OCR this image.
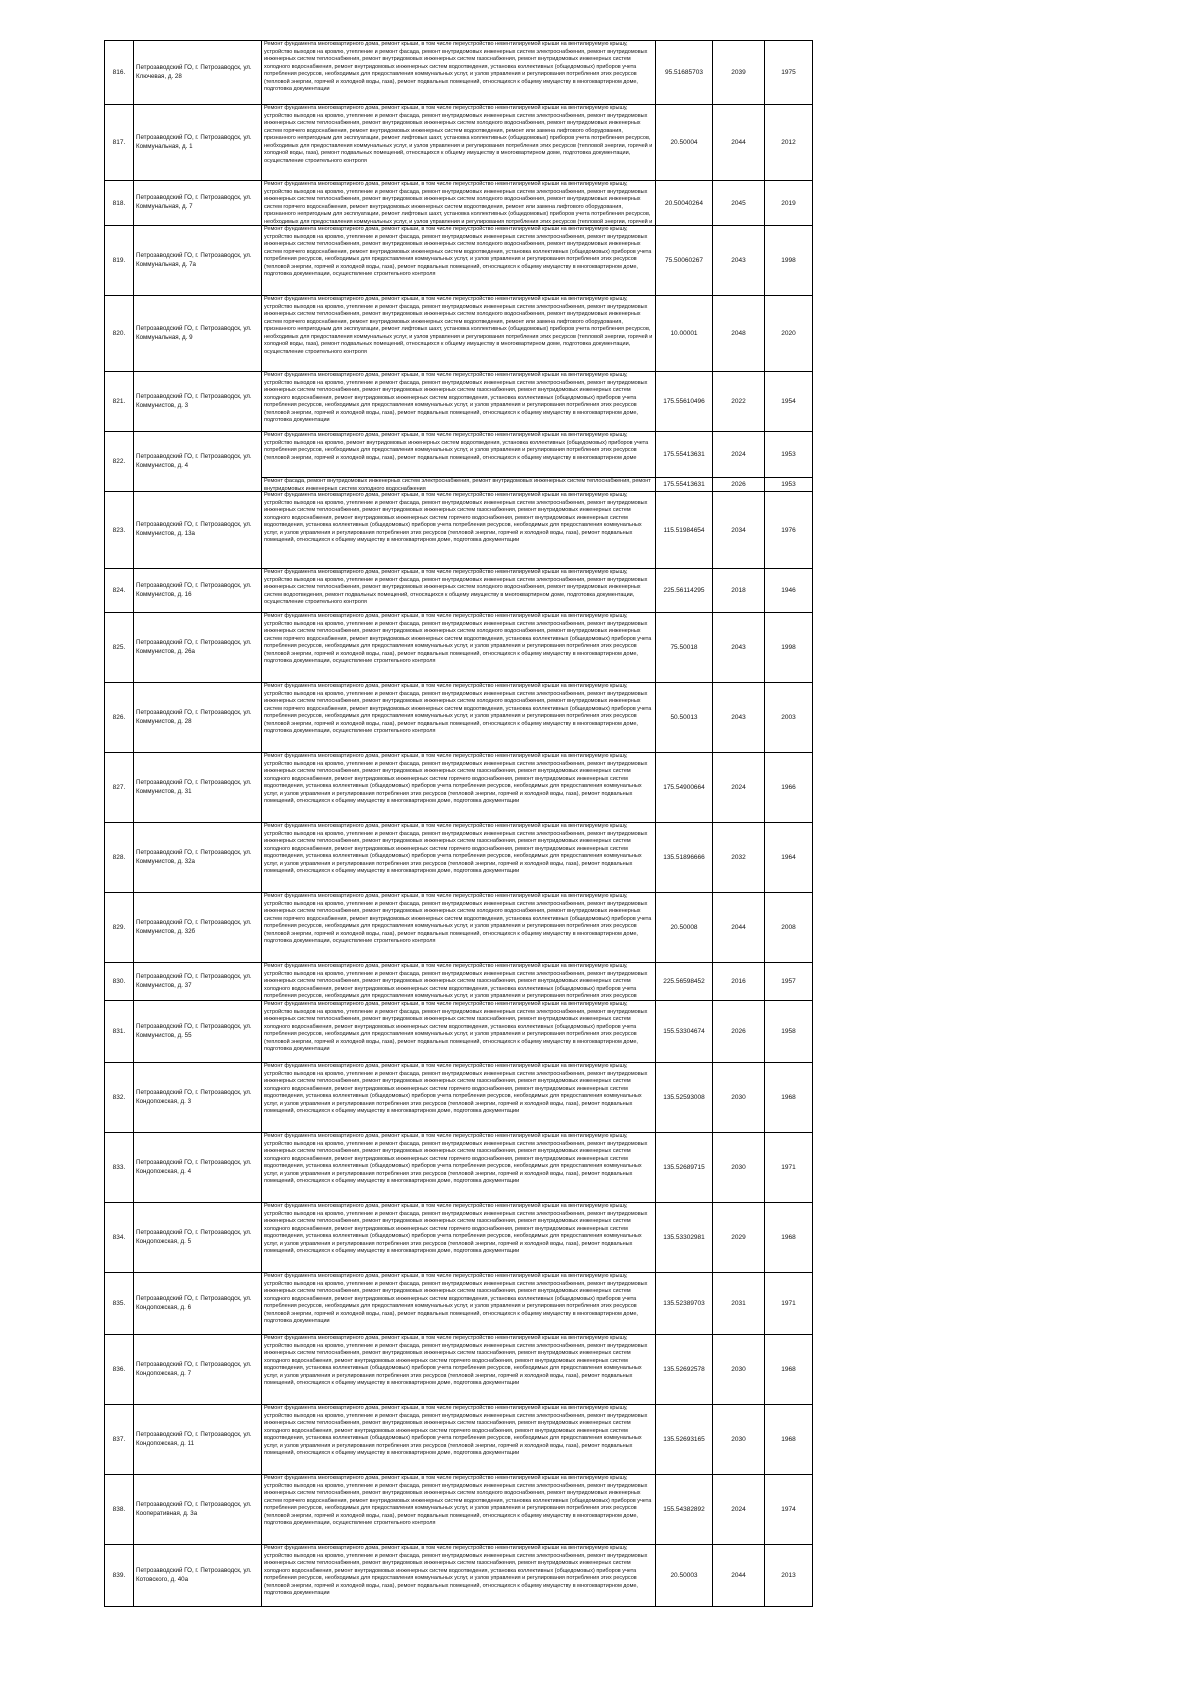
816.	Петрозаводский ГО, г. Петрозаводск, ул. Ключевая, д. 28	Ремонт фундамента многоквартирного дома, ремонт крыши, в том числе переустройство невентилируемой крыши на вентилируемую крышу, устройство выходов на кровлю, утепление и ремонт фасада, ремонт внутридомовых инженерных систем электроснабжения, ремонт внутридомовых инженерных систем теплоснабжения, ремонт внутридомовых инженерных систем газоснабжения, ремонт внутридомовых инженерных систем холодного водоснабжения, ремонт внутридомовых инженерных систем водоотведения, установка коллективных (общедомовых) приборов учета потребления ресурсов, необходимых для предоставления коммунальных услуг, и узлов управления и регулирования потребления этих ресурсов (тепловой энергии, горячей и холодной воды, газа), ремонт подвальных помещений, относящихся к общему имуществу в многоквартирном доме, подготовка документации	95.51685703	2039	1975
817.	Петрозаводский ГО, г. Петрозаводск, ул. Коммунальная, д. 1	Ремонт фундамента многоквартирного дома, ремонт крыши, в том числе переустройство невентилируемой крыши на вентилируемую крышу, устройство выходов на кровлю, утепление и ремонт фасада, ремонт внутридомовых инженерных систем электроснабжения, ремонт внутридомовых инженерных систем теплоснабжения, ремонт внутридомовых инженерных систем холодного водоснабжения, ремонт внутридомовых инженерных систем горячего водоснабжения, ремонт внутридомовых инженерных систем водоотведения, ремонт или замена лифтового оборудования, признанного непригодным для эксплуатации, ремонт лифтовых шахт, установка коллективных (общедомовых) приборов учета потребления ресурсов, необходимых для предоставления коммунальных услуг, и узлов управления и регулирования потребления этих ресурсов (тепловой энергии, горячей и холодной воды, газа), ремонт подвальных помещений, относящихся к общему имуществу в многоквартирном доме, подготовка документации, осуществление строительного контроля	20.50004	2044	2012
818.	Петрозаводский ГО, г. Петрозаводск, ул. Коммунальная, д. 7	Ремонт фундамента многоквартирного дома, ремонт крыши, в том числе переустройство невентилируемой крыши на вентилируемую крышу, устройство выходов на кровлю, утепление и ремонт фасада, ремонт внутридомовых инженерных систем электроснабжения, ремонт внутридомовых инженерных систем теплоснабжения, ремонт внутридомовых инженерных систем холодного водоснабжения, ремонт внутридомовых инженерных систем горячего водоснабжения, ремонт внутридомовых инженерных систем водоотведения, ремонт или замена лифтового оборудования, признанного непригодным для эксплуатации, ремонт лифтовых шахт, установка коллективных (общедомовых) приборов учета потребления ресурсов, необходимых для предоставления коммунальных услуг, и узлов управления и регулирования потребления этих ресурсов (тепловой энергии, горячей и	20.50040264	2045	2019
819.	Петрозаводский ГО, г. Петрозаводск, ул. Коммунальная, д. 7а	Ремонт фундамента многоквартирного дома, ремонт крыши, в том числе переустройство невентилируемой крыши на вентилируемую крышу, устройство выходов на кровлю, утепление и ремонт фасада, ремонт внутридомовых инженерных систем электроснабжения, ремонт внутридомовых инженерных систем теплоснабжения, ремонт внутридомовых инженерных систем холодного водоснабжения, ремонт внутридомовых инженерных систем горячего водоснабжения, ремонт внутридомовых инженерных систем водоотведения, установка коллективных (общедомовых) приборов учета потребления ресурсов, необходимых для предоставления коммунальных услуг, и узлов управления и регулирования потребления этих ресурсов (тепловой энергии, горячей и холодной воды, газа), ремонт подвальных помещений, относящихся к общему имуществу в многоквартирном доме, подготовка документации, осуществление строительного контроля	75.50060267	2043	1998
820.	Петрозаводский ГО, г. Петрозаводск, ул. Коммунальная, д. 9	Ремонт фундамента многоквартирного дома, ремонт крыши, в том числе переустройство невентилируемой крыши на вентилируемую крышу, устройство выходов на кровлю, утепление и ремонт фасада, ремонт внутридомовых инженерных систем электроснабжения, ремонт внутридомовых инженерных систем теплоснабжения, ремонт внутридомовых инженерных систем холодного водоснабжения, ремонт внутридомовых инженерных систем горячего водоснабжения, ремонт внутридомовых инженерных систем водоотведения, ремонт или замена лифтового оборудования, признанного непригодным для эксплуатации, ремонт лифтовых шахт, установка коллективных (общедомовых) приборов учета потребления ресурсов, необходимых для предоставления коммунальных услуг, и узлов управления и регулирования потребления этих ресурсов (тепловой энергии, горячей и холодной воды, газа), ремонт подвальных помещений, относящихся к общему имуществу в многоквартирном доме, подготовка документации, осуществление строительного контроля	10.00001	2048	2020
821.	Петрозаводский ГО, г. Петрозаводск, ул. Коммунистов, д. 3	Ремонт фундамента многоквартирного дома, ремонт крыши, в том числе переустройство невентилируемой крыши на вентилируемую крышу, устройство выходов на кровлю, утепление и ремонт фасада, ремонт внутридомовых инженерных систем электроснабжения, ремонт внутридомовых инженерных систем теплоснабжения, ремонт внутридомовых инженерных систем газоснабжения, ремонт внутридомовых инженерных систем холодного водоснабжения, ремонт внутридомовых инженерных систем водоотведения, установка коллективных (общедомовых) приборов учета потребления ресурсов, необходимых для предоставления коммунальных услуг, и узлов управления и регулирования потребления этих ресурсов (тепловой энергии, горячей и холодной воды, газа), ремонт подвальных помещений, относящихся к общему имуществу в многоквартирном доме, подготовка документации	175.55610496	2022	1954
822.	Петрозаводский ГО, г. Петрозаводск, ул. Коммунистов, д. 4	Ремонт фундамента многоквартирного дома, ремонт крыши, в том числе переустройство невентилируемой крыши на вентилируемую крышу, устройство выходов на кровлю, ремонт внутридомовых инженерных систем водоотведения, установка коллективных (общедомовых) приборов учета потребления ресурсов, необходимых для предоставления коммунальных услуг, и узлов управления и регулирования потребления этих ресурсов (тепловой энергии, горячей и холодной воды, газа), ремонт подвальных помещений, относящихся к общему имуществу в многоквартирном доме	175.55413631	2024	1953

		Ремонт фасада, ремонт внутридомовых инженерных систем электроснабжения, ремонт внутридомовых инженерных систем теплоснабжения, ремонт внутридомовых инженерных систем холодного водоснабжения	175.55413631	2026	1953
823.	Петрозаводский ГО, г. Петрозаводск, ул. Коммунистов, д. 13а	Ремонт фундамента многоквартирного дома, ремонт крыши, в том числе переустройство невентилируемой крыши на вентилируемую крышу, устройство выходов на кровлю, утепление и ремонт фасада, ремонт внутридомовых инженерных систем электроснабжения, ремонт внутридомовых инженерных систем теплоснабжения, ремонт внутридомовых инженерных систем газоснабжения, ремонт внутридомовых инженерных систем холодного водоснабжения, ремонт внутридомовых инженерных систем горячего водоснабжения, ремонт внутридомовых инженерных систем водоотведения, установка коллективных (общедомовых) приборов учета потребления ресурсов, необходимых для предоставления коммунальных услуг, и узлов управления и регулирования потребления этих ресурсов (тепловой энергии, горячей и холодной воды, газа), ремонт подвальных помещений, относящихся к общему имуществу в многоквартирном доме, подготовка документации	115.51984654	2034	1976
824.	Петрозаводский ГО, г. Петрозаводск, ул. Коммунистов, д. 16	Ремонт фундамента многоквартирного дома, ремонт крыши, в том числе переустройство невентилируемой крыши на вентилируемую крышу, устройство выходов на кровлю, утепление и ремонт фасада, ремонт внутридомовых инженерных систем электроснабжения, ремонт внутридомовых инженерных систем теплоснабжения, ремонт внутридомовых инженерных систем холодного водоснабжения, ремонт внутридомовых инженерных систем водоотведения, ремонт подвальных помещений, относящихся к общему имуществу в многоквартирном доме, подготовка документации, осуществление строительного контроля	225.56114295	2018	1946
825.	Петрозаводский ГО, г. Петрозаводск, ул. Коммунистов, д. 26а	Ремонт фундамента многоквартирного дома, ремонт крыши, в том числе переустройство невентилируемой крыши на вентилируемую крышу, устройство выходов на кровлю, утепление и ремонт фасада, ремонт внутридомовых инженерных систем электроснабжения, ремонт внутридомовых инженерных систем теплоснабжения, ремонт внутридомовых инженерных систем холодного водоснабжения, ремонт внутридомовых инженерных систем горячего водоснабжения, ремонт внутридомовых инженерных систем водоотведения, установка коллективных (общедомовых) приборов учета потребления ресурсов, необходимых для предоставления коммунальных услуг, и узлов управления и регулирования потребления этих ресурсов (тепловой энергии, горячей и холодной воды, газа), ремонт подвальных помещений, относящихся к общему имуществу в многоквартирном доме, подготовка документации, осуществление строительного контроля	75.50018	2043	1998
826.	Петрозаводский ГО, г. Петрозаводск, ул. Коммунистов, д. 28	Ремонт фундамента многоквартирного дома, ремонт крыши, в том числе переустройство невентилируемой крыши на вентилируемую крышу, устройство выходов на кровлю, утепление и ремонт фасада, ремонт внутридомовых инженерных систем электроснабжения, ремонт внутридомовых инженерных систем теплоснабжения, ремонт внутридомовых инженерных систем холодного водоснабжения, ремонт внутридомовых инженерных систем горячего водоснабжения, ремонт внутридомовых инженерных систем водоотведения, установка коллективных (общедомовых) приборов учета потребления ресурсов, необходимых для предоставления коммунальных услуг, и узлов управления и регулирования потребления этих ресурсов (тепловой энергии, горячей и холодной воды, газа), ремонт подвальных помещений, относящихся к общему имуществу в многоквартирном доме, подготовка документации, осуществление строительного контроля	50.50013	2043	2003
827.	Петрозаводский ГО, г. Петрозаводск, ул. Коммунистов, д. 31	Ремонт фундамента многоквартирного дома, ремонт крыши, в том числе переустройство невентилируемой крыши на вентилируемую крышу, устройство выходов на кровлю, утепление и ремонт фасада, ремонт внутридомовых инженерных систем электроснабжения, ремонт внутридомовых инженерных систем теплоснабжения, ремонт внутридомовых инженерных систем газоснабжения, ремонт внутридомовых инженерных систем холодного водоснабжения, ремонт внутридомовых инженерных систем горячего водоснабжения, ремонт внутридомовых инженерных систем водоотведения, установка коллективных (общедомовых) приборов учета потребления ресурсов, необходимых для предоставления коммунальных услуг, и узлов управления и регулирования потребления этих ресурсов (тепловой энергии, горячей и холодной воды, газа), ремонт подвальных помещений, относящихся к общему имуществу в многоквартирном доме, подготовка документации	175.54900664	2024	1966
828.	Петрозаводский ГО, г. Петрозаводск, ул. Коммунистов, д. 32а	Ремонт фундамента многоквартирного дома, ремонт крыши, в том числе переустройство невентилируемой крыши на вентилируемую крышу, устройство выходов на кровлю, утепление и ремонт фасада, ремонт внутридомовых инженерных систем электроснабжения, ремонт внутридомовых инженерных систем теплоснабжения, ремонт внутридомовых инженерных систем газоснабжения, ремонт внутридомовых инженерных систем холодного водоснабжения, ремонт внутридомовых инженерных систем горячего водоснабжения, ремонт внутридомовых инженерных систем водоотведения, установка коллективных (общедомовых) приборов учета потребления ресурсов, необходимых для предоставления коммунальных услуг, и узлов управления и регулирования потребления этих ресурсов (тепловой энергии, горячей и холодной воды, газа), ремонт подвальных помещений, относящихся к общему имуществу в многоквартирном доме, подготовка документации	135.51896666	2032	1964
829.	Петрозаводский ГО, г. Петрозаводск, ул. Коммунистов, д. 32б	Ремонт фундамента многоквартирного дома, ремонт крыши, в том числе переустройство невентилируемой крыши на вентилируемую крышу, устройство выходов на кровлю, утепление и ремонт фасада, ремонт внутридомовых инженерных систем электроснабжения, ремонт внутридомовых инженерных систем теплоснабжения, ремонт внутридомовых инженерных систем холодного водоснабжения, ремонт внутридомовых инженерных систем горячего водоснабжения, ремонт внутридомовых инженерных систем водоотведения, установка коллективных (общедомовых) приборов учета потребления ресурсов, необходимых для предоставления коммунальных услуг, и узлов управления и регулирования потребления этих ресурсов (тепловой энергии, горячей и холодной воды, газа), ремонт подвальных помещений, относящихся к общему имуществу в многоквартирном доме, подготовка документации, осуществление строительного контроля	20.50008	2044	2008
830.	Петрозаводский ГО, г. Петрозаводск, ул. Коммунистов, д. 37	Ремонт фундамента многоквартирного дома, ремонт крыши, в том числе переустройство невентилируемой крыши на вентилируемую крышу, устройство выходов на кровлю, утепление и ремонт фасада, ремонт внутридомовых инженерных систем электроснабжения, ремонт внутридомовых инженерных систем теплоснабжения, ремонт внутридомовых инженерных систем газоснабжения, ремонт внутридомовых инженерных систем холодного водоснабжения, ремонт внутридомовых инженерных систем водоотведения, установка коллективных (общедомовых) приборов учета потребления ресурсов, необходимых для предоставления коммунальных услуг, и узлов управления и регулирования потребления этих ресурсов	225.56598452	2016	1957
831.	Петрозаводский ГО, г. Петрозаводск, ул. Коммунистов, д. 55	Ремонт фундамента многоквартирного дома, ремонт крыши, в том числе переустройство невентилируемой крыши на вентилируемую крышу, устройство выходов на кровлю, утепление и ремонт фасада, ремонт внутридомовых инженерных систем электроснабжения, ремонт внутридомовых инженерных систем теплоснабжения, ремонт внутридомовых инженерных систем газоснабжения, ремонт внутридомовых инженерных систем холодного водоснабжения, ремонт внутридомовых инженерных систем водоотведения, установка коллективных (общедомовых) приборов учета потребления ресурсов, необходимых для предоставления коммунальных услуг, и узлов управления и регулирования потребления этих ресурсов (тепловой энергии, горячей и холодной воды, газа), ремонт подвальных помещений, относящихся к общему имуществу в многоквартирном доме, подготовка документации	155.53304674	2026	1958
832.	Петрозаводский ГО, г. Петрозаводск, ул. Кондопожская, д. 3	Ремонт фундамента многоквартирного дома, ремонт крыши, в том числе переустройство невентилируемой крыши на вентилируемую крышу, устройство выходов на кровлю, утепление и ремонт фасада, ремонт внутридомовых инженерных систем электроснабжения, ремонт внутридомовых инженерных систем теплоснабжения, ремонт внутридомовых инженерных систем газоснабжения, ремонт внутридомовых инженерных систем холодного водоснабжения, ремонт внутридомовых инженерных систем горячего водоснабжения, ремонт внутридомовых инженерных систем водоотведения, установка коллективных (общедомовых) приборов учета потребления ресурсов, необходимых для предоставления коммунальных услуг, и узлов управления и регулирования потребления этих ресурсов (тепловой энергии, горячей и холодной воды, газа), ремонт подвальных помещений, относящихся к общему имуществу в многоквартирном доме, подготовка документации	135.52593008	2030	1968
833.	Петрозаводский ГО, г. Петрозаводск, ул. Кондопожская, д. 4	Ремонт фундамента многоквартирного дома, ремонт крыши, в том числе переустройство невентилируемой крыши на вентилируемую крышу, устройство выходов на кровлю, утепление и ремонт фасада, ремонт внутридомовых инженерных систем электроснабжения, ремонт внутридомовых инженерных систем теплоснабжения, ремонт внутридомовых инженерных систем газоснабжения, ремонт внутридомовых инженерных систем холодного водоснабжения, ремонт внутридомовых инженерных систем горячего водоснабжения, ремонт внутридомовых инженерных систем водоотведения, установка коллективных (общедомовых) приборов учета потребления ресурсов, необходимых для предоставления коммунальных услуг, и узлов управления и регулирования потребления этих ресурсов (тепловой энергии, горячей и холодной воды, газа), ремонт подвальных помещений, относящихся к общему имуществу в многоквартирном доме, подготовка документации	135.52689715	2030	1971
834.	Петрозаводский ГО, г. Петрозаводск, ул. Кондопожская, д. 5	Ремонт фундамента многоквартирного дома, ремонт крыши, в том числе переустройство невентилируемой крыши на вентилируемую крышу, устройство выходов на кровлю, утепление и ремонт фасада, ремонт внутридомовых инженерных систем электроснабжения, ремонт внутридомовых инженерных систем теплоснабжения, ремонт внутридомовых инженерных систем газоснабжения, ремонт внутридомовых инженерных систем холодного водоснабжения, ремонт внутридомовых инженерных систем горячего водоснабжения, ремонт внутридомовых инженерных систем водоотведения, установка коллективных (общедомовых) приборов учета потребления ресурсов, необходимых для предоставления коммунальных услуг, и узлов управления и регулирования потребления этих ресурсов (тепловой энергии, горячей и холодной воды, газа), ремонт подвальных помещений, относящихся к общему имуществу в многоквартирном доме, подготовка документации	135.53302981	2029	1968
835.	Петрозаводский ГО, г. Петрозаводск, ул. Кондопожская, д. 6	Ремонт фундамента многоквартирного дома, ремонт крыши, в том числе переустройство невентилируемой крыши на вентилируемую крышу, устройство выходов на кровлю, утепление и ремонт фасада, ремонт внутридомовых инженерных систем электроснабжения, ремонт внутридомовых инженерных систем теплоснабжения, ремонт внутридомовых инженерных систем газоснабжения, ремонт внутридомовых инженерных систем холодного водоснабжения, ремонт внутридомовых инженерных систем водоотведения, установка коллективных (общедомовых) приборов учета потребления ресурсов, необходимых для предоставления коммунальных услуг, и узлов управления и регулирования потребления этих ресурсов (тепловой энергии, горячей и холодной воды, газа), ремонт подвальных помещений, относящихся к общему имуществу в многоквартирном доме, подготовка документации	135.52389703	2031	1971
836.	Петрозаводский ГО, г. Петрозаводск, ул. Кондопожская, д. 7	Ремонт фундамента многоквартирного дома, ремонт крыши, в том числе переустройство невентилируемой крыши на вентилируемую крышу, устройство выходов на кровлю, утепление и ремонт фасада, ремонт внутридомовых инженерных систем электроснабжения, ремонт внутридомовых инженерных систем теплоснабжения, ремонт внутридомовых инженерных систем газоснабжения, ремонт внутридомовых инженерных систем холодного водоснабжения, ремонт внутридомовых инженерных систем горячего водоснабжения, ремонт внутридомовых инженерных систем водоотведения, установка коллективных (общедомовых) приборов учета потребления ресурсов, необходимых для предоставления коммунальных услуг, и узлов управления и регулирования потребления этих ресурсов (тепловой энергии, горячей и холодной воды, газа), ремонт подвальных помещений, относящихся к общему имуществу в многоквартирном доме, подготовка документации	135.52692578	2030	1968
837.	Петрозаводский ГО, г. Петрозаводск, ул. Кондопожская, д. 11	Ремонт фундамента многоквартирного дома, ремонт крыши, в том числе переустройство невентилируемой крыши на вентилируемую крышу, устройство выходов на кровлю, утепление и ремонт фасада, ремонт внутридомовых инженерных систем электроснабжения, ремонт внутридомовых инженерных систем теплоснабжения, ремонт внутридомовых инженерных систем газоснабжения, ремонт внутридомовых инженерных систем холодного водоснабжения, ремонт внутридомовых инженерных систем горячего водоснабжения, ремонт внутридомовых инженерных систем водоотведения, установка коллективных (общедомовых) приборов учета потребления ресурсов, необходимых для предоставления коммунальных услуг, и узлов управления и регулирования потребления этих ресурсов (тепловой энергии, горячей и холодной воды, газа), ремонт подвальных помещений, относящихся к общему имуществу в многоквартирном доме, подготовка документации	135.52693165	2030	1968
838.	Петрозаводский ГО, г. Петрозаводск, ул. Кооперативная, д. 3а	Ремонт фундамента многоквартирного дома, ремонт крыши, в том числе переустройство невентилируемой крыши на вентилируемую крышу, устройство выходов на кровлю, утепление и ремонт фасада, ремонт внутридомовых инженерных систем электроснабжения, ремонт внутридомовых инженерных систем теплоснабжения, ремонт внутридомовых инженерных систем холодного водоснабжения, ремонт внутридомовых инженерных систем горячего водоснабжения, ремонт внутридомовых инженерных систем водоотведения, установка коллективных (общедомовых) приборов учета потребления ресурсов, необходимых для предоставления коммунальных услуг, и узлов управления и регулирования потребления этих ресурсов (тепловой энергии, горячей и холодной воды, газа), ремонт подвальных помещений, относящихся к общему имуществу в многоквартирном доме, подготовка документации, осуществление строительного контроля	155.54382892	2024	1974
839.	Петрозаводский ГО, г. Петрозаводск, ул. Котовского, д. 40а	Ремонт фундамента многоквартирного дома, ремонт крыши, в том числе переустройство невентилируемой крыши на вентилируемую крышу, устройство выходов на кровлю, утепление и ремонт фасада, ремонт внутридомовых инженерных систем электроснабжения, ремонт внутридомовых инженерных систем теплоснабжения, ремонт внутридомовых инженерных систем газоснабжения, ремонт внутридомовых инженерных систем холодного водоснабжения, ремонт внутридомовых инженерных систем водоотведения, установка коллективных (общедомовых) приборов учета потребления ресурсов, необходимых для предоставления коммунальных услуг, и узлов управления и регулирования потребления этих ресурсов (тепловой энергии, горячей и холодной воды, газа), ремонт подвальных помещений, относящихся к общему имуществу в многоквартирном доме, подготовка документации	20.50003	2044	2013
